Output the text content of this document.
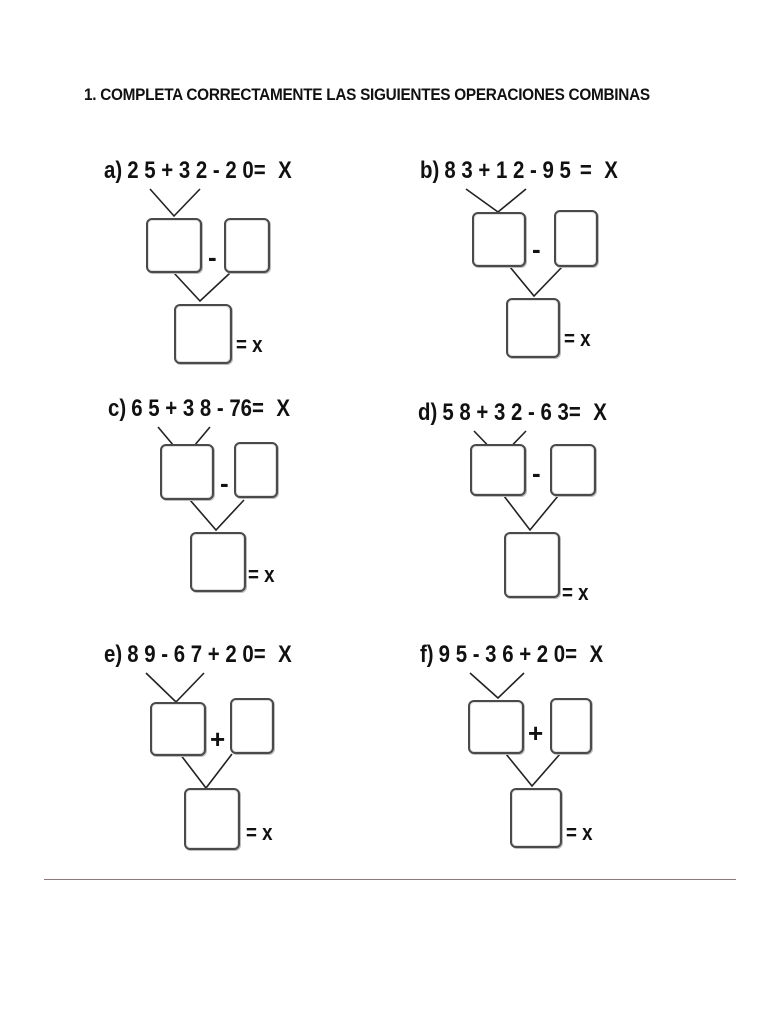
1. COMPLETA CORRECTAMENTE LAS SIGUIENTES OPERACIONES COMBINAS
a) 2 5 + 3 2 - 2 0= X
-
= x
b) 8 3 + 1 2 - 9 5 = X
-
= x
c) 6 5 + 3 8 - 76= X
-
= x
d) 5 8 + 3 2 - 6 3= X
-
= x
e) 8 9 - 6 7 + 2 0= X
+
= x
f) 9 5 - 3 6 + 2 0= X
+
= x
